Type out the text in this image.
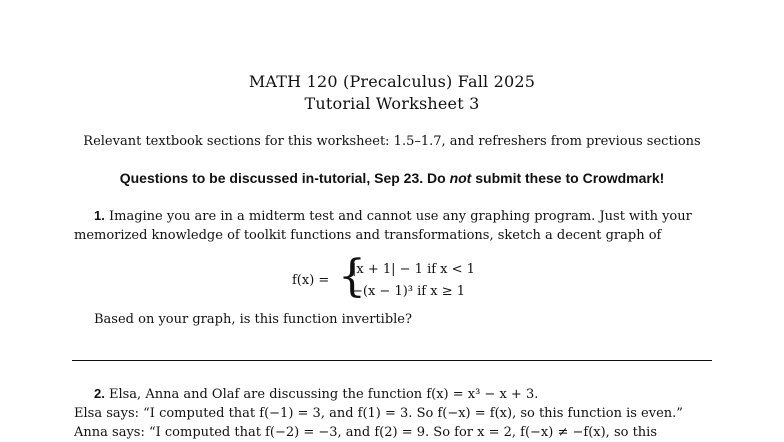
MATH 120 (Precalculus) Fall 2025
Tutorial Worksheet 3
Relevant textbook sections for this worksheet: 1.5–1.7, and refreshers from previous sections
Questions to be discussed in-tutorial, Sep 23. Do not submit these to Crowdmark!
1. Imagine you are in a midterm test and cannot use any graphing program. Just with your memorized knowledge of toolkit functions and transformations, sketch a decent graph of
f(x) = {
|x + 1| − 1 if x < 1
−(x − 1)³ if x ≥ 1
Based on your graph, is this function invertible?
2. Elsa, Anna and Olaf are discussing the function f(x) = x³ − x + 3.
Elsa says: “I computed that f(−1) = 3, and f(1) = 3. So f(−x) = f(x), so this function is even.”
Anna says: “I computed that f(−2) = −3, and f(2) = 9. So for x = 2, f(−x) ≠ −f(x), so this
